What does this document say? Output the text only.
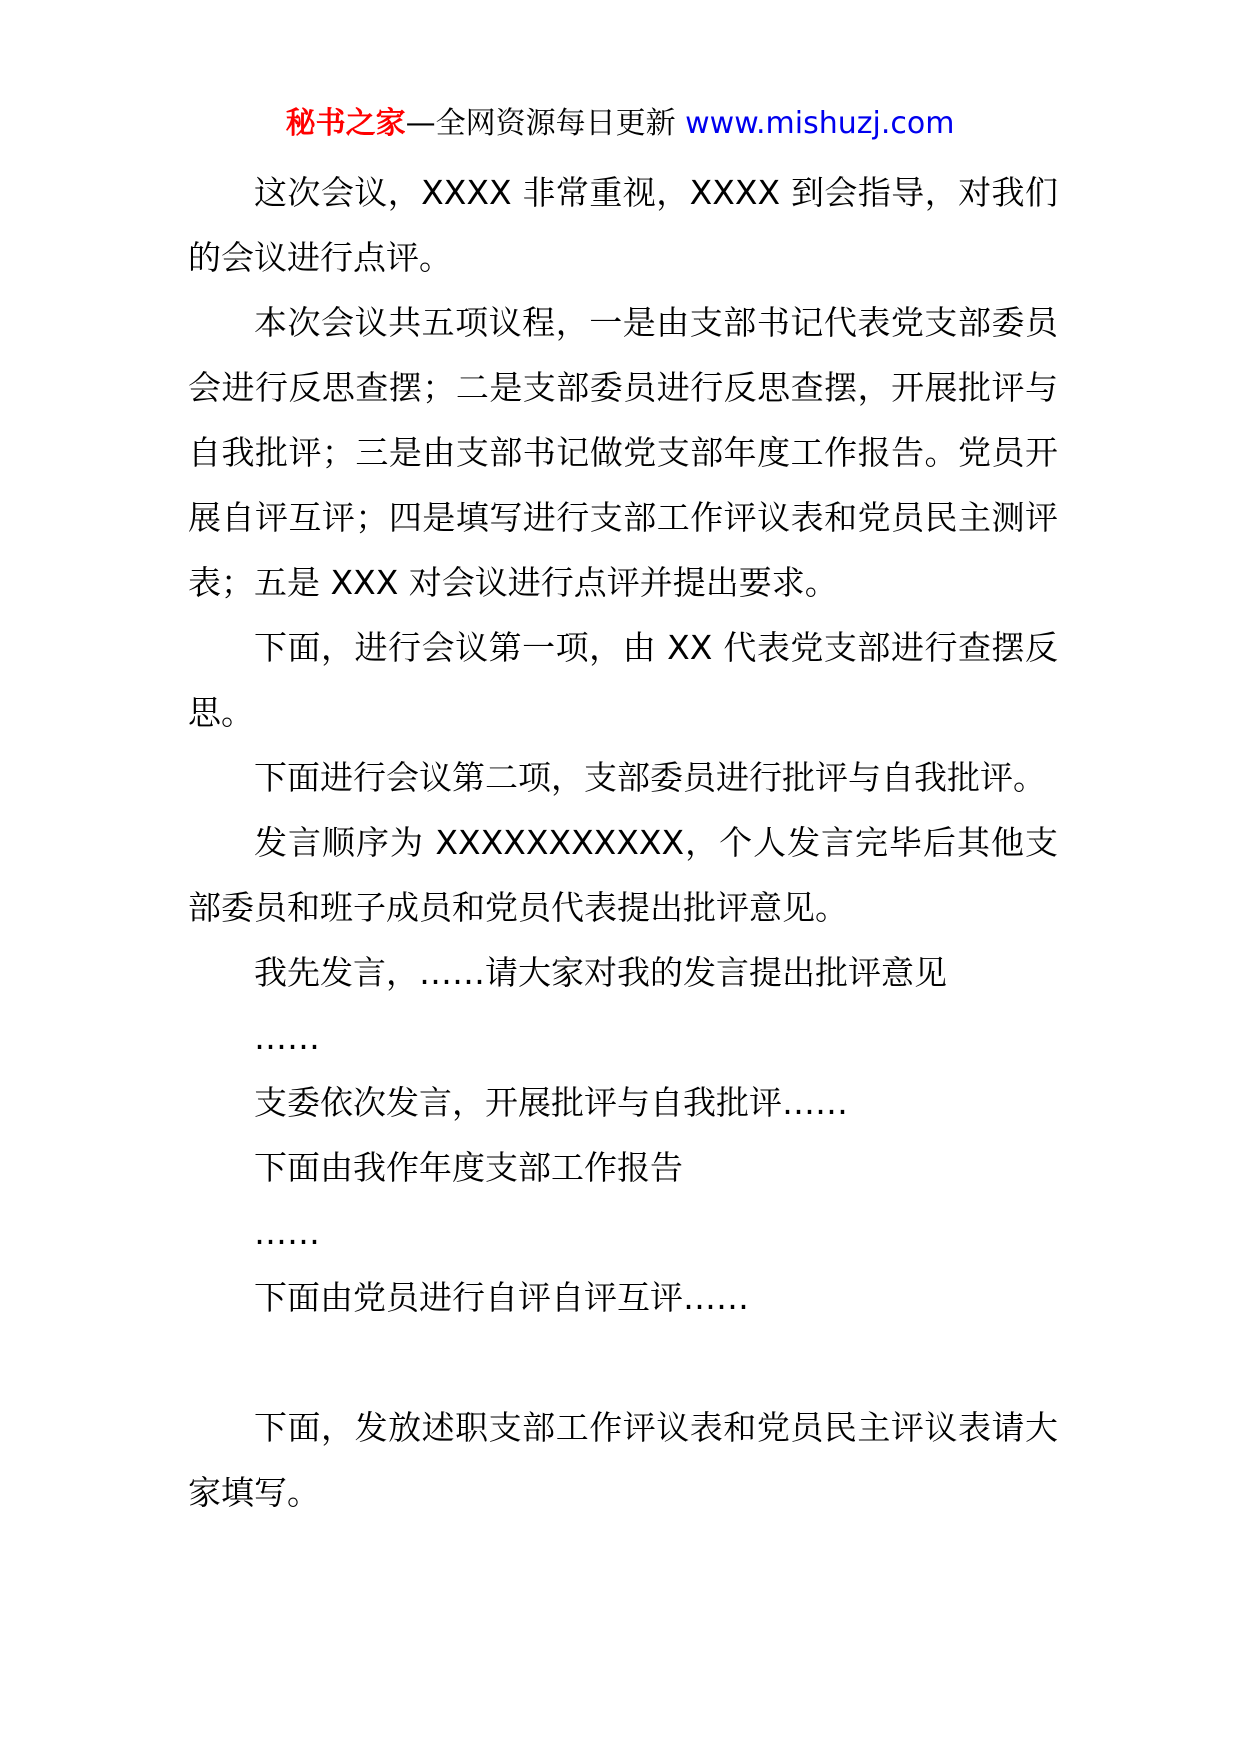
秘书之家—全网资源每日更新 www.mishuzj.com

这次会议，XXXX 非常重视，XXXX 到会指导，对我们的会议进行点评。

本次会议共五项议程，一是由支部书记代表党支部委员会进行反思查摆；二是支部委员进行反思查摆，开展批评与自我批评；三是由支部书记做党支部年度工作报告。党员开展自评互评；四是填写进行支部工作评议表和党员民主测评表；五是 XXX 对会议进行点评并提出要求。

下面，进行会议第一项，由 XX 代表党支部进行查摆反思。

下面进行会议第二项，支部委员进行批评与自我批评。

发言顺序为 XXXXXXXXXXX，个人发言完毕后其他支部委员和班子成员和党员代表提出批评意见。

我先发言，……请大家对我的发言提出批评意见

……

支委依次发言，开展批评与自我批评……

下面由我作年度支部工作报告

……

下面由党员进行自评自评互评……

下面，发放述职支部工作评议表和党员民主评议表请大家填写。
